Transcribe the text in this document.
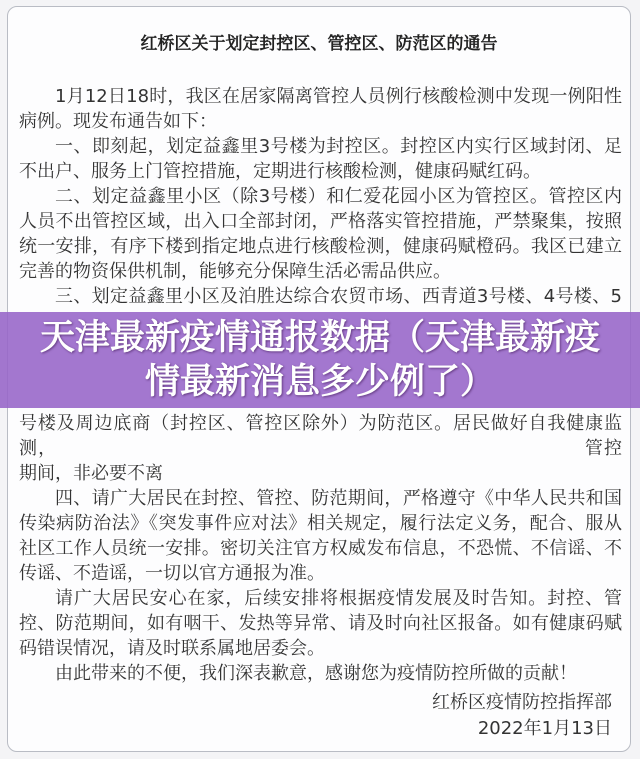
红桥区关于划定封控区、管控区、防范区的通告
1月12日18时，我区在居家隔离管控人员例行核酸检测中发现一例阳性
病例。现发布通告如下：
一、即刻起，划定益鑫里3号楼为封控区。封控区内实行区域封闭、足
不出户、服务上门管控措施，定期进行核酸检测，健康码赋红码。
二、划定益鑫里小区（除3号楼）和仁爱花园小区为管控区。管控区内
人员不出管控区域，出入口全部封闭，严格落实管控措施，严禁聚集，按照
统一安排，有序下楼到指定地点进行核酸检测，健康码赋橙码。我区已建立
完善的物资保供机制，能够充分保障生活必需品供应。
三、划定益鑫里小区及泊胜达综合农贸市场、西青道3号楼、4号楼、5
号楼及周边底商（封控区、管控区除外）为防范区。居民做好自我健康监
测，　　　　　　　　　　　　　　　　　　　　　　　　　　　　管控
期间，非必要不离
四、请广大居民在封控、管控、防范期间，严格遵守《中华人民共和国
传染病防治法》《突发事件应对法》相关规定，履行法定义务，配合、服从
社区工作人员统一安排。密切关注官方权威发布信息，不恐慌、不信谣、不
传谣、不造谣，一切以官方通报为准。
请广大居民安心在家，后续安排将根据疫情发展及时告知。封控、管
控、防范期间，如有咽干、发热等异常、请及时向社区报备。如有健康码赋
码错误情况，请及时联系属地居委会。
由此带来的不便，我们深表歉意，感谢您为疫情防控所做的贡献！
红桥区疫情防控指挥部
2022年1月13日
天津最新疫情通报数据（天津最新疫
情最新消息多少例了）
